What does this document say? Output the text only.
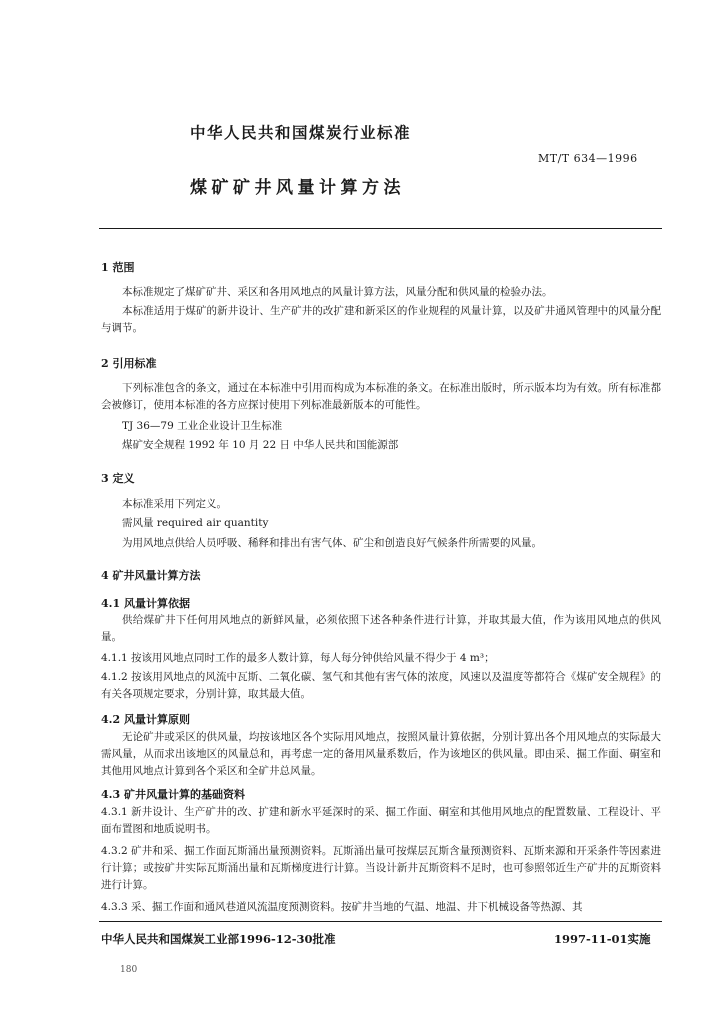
中华人民共和国煤炭行业标准
MT/T 634—1996
煤矿矿井风量计算方法
1 范围
本标准规定了煤矿矿井、采区和各用风地点的风量计算方法，风量分配和供风量的检验办法。
本标准适用于煤矿的新井设计、生产矿井的改扩建和新采区的作业规程的风量计算，以及矿井通风管理中的风量分配与调节。
2 引用标准
下列标准包含的条文，通过在本标准中引用而构成为本标准的条文。在标准出版时，所示版本均为有效。所有标准都会被修订，使用本标准的各方应探讨使用下列标准最新版本的可能性。
TJ 36—79 工业企业设计卫生标准
煤矿安全规程 1992 年 10 月 22 日 中华人民共和国能源部
3 定义
本标准采用下列定义。
需风量 required air quantity
为用风地点供给人员呼吸、稀释和排出有害气体、矿尘和创造良好气候条件所需要的风量。
4 矿井风量计算方法
4.1 风量计算依据
供给煤矿井下任何用风地点的新鲜风量，必须依照下述各种条件进行计算，并取其最大值，作为该用风地点的供风量。
4.1.1 按该用风地点同时工作的最多人数计算，每人每分钟供给风量不得少于 4 m³；
4.1.2 按该用风地点的风流中瓦斯、二氧化碳、氢气和其他有害气体的浓度，风速以及温度等都符合《煤矿安全规程》的有关各项规定要求，分别计算，取其最大值。
4.2 风量计算原则
无论矿井或采区的供风量，均按该地区各个实际用风地点，按照风量计算依据，分别计算出各个用风地点的实际最大需风量，从而求出该地区的风量总和，再考虑一定的备用风量系数后，作为该地区的供风量。即由采、掘工作面、硐室和其他用风地点计算到各个采区和全矿井总风量。
4.3 矿井风量计算的基础资料
4.3.1 新井设计、生产矿井的改、扩建和新水平延深时的采、掘工作面、硐室和其他用风地点的配置数量、工程设计、平面布置图和地质说明书。
4.3.2 矿井和采、掘工作面瓦斯涌出量预测资料。瓦斯涌出量可按煤层瓦斯含量预测资料、瓦斯来源和开采条件等因素进行计算；或按矿井实际瓦斯涌出量和瓦斯梯度进行计算。当设计新井瓦斯资料不足时，也可参照邻近生产矿井的瓦斯资料进行计算。
4.3.3 采、掘工作面和通风巷道风流温度预测资料。按矿井当地的气温、地温、井下机械设备等热源、其
中华人民共和国煤炭工业部1996-12-30批准	1997-11-01实施
180
